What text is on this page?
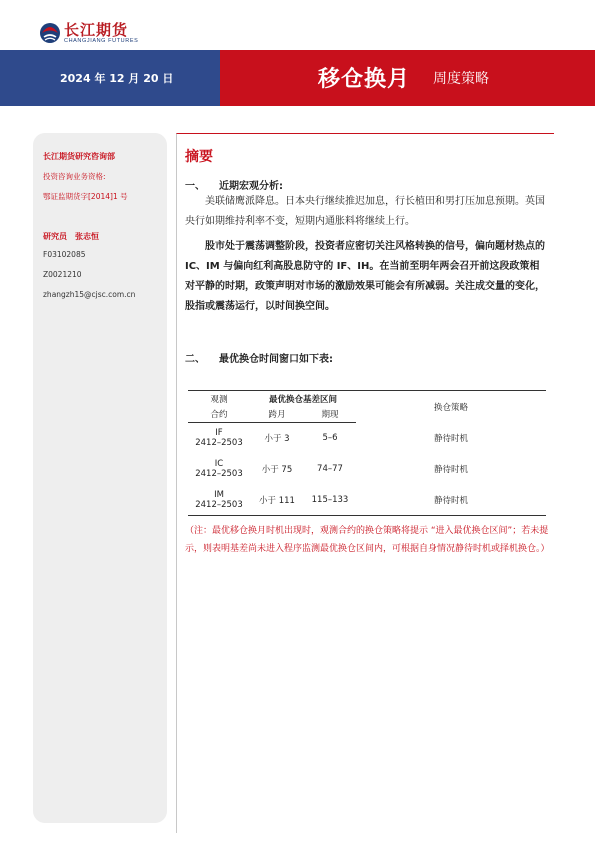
长江期货
CHANGJIANG FUTURES
2024 年 12 月 20 日	移仓换月 周度策略
长江期货研究咨询部
投资咨询业务资格:
鄂证监期货字[2014]1 号
研究员 张志恒
F03102085
Z0021210
zhangzh15@cjsc.com.cn
摘要
一、 近期宏观分析:

美联储鹰派降息。日本央行继续推迟加息，行长植田和男打压加息预期。英国央行如期维持利率不变，短期内通胀料将继续上行。

股市处于震荡调整阶段，投资者应密切关注风格转换的信号，偏向题材热点的 IC、IM 与偏向红利高股息防守的 IF、IH。在当前至明年两会召开前这段政策相对平静的时期，政策声明对市场的激励效果可能会有所减弱。关注成交量的变化，股指或震荡运行，以时间换空间。

二、 最优换仓时间窗口如下表:
观测	最优换仓基差区间		换仓策略
合约	跨月	期现	
IF
2412–2503	小于 3	5–6	静待时机
IC
2412–2503	小于 75	74–77	静待时机
IM
2412–2503	小于 111	115–133	静待时机

（注：最优移仓换月时机出现时，观测合约的换仓策略将提示 “进入最优换仓区间”；若未提示，则表明基差尚未进入程序监测最优换仓区间内，可根据自身情况静待时机或择机换仓。）
